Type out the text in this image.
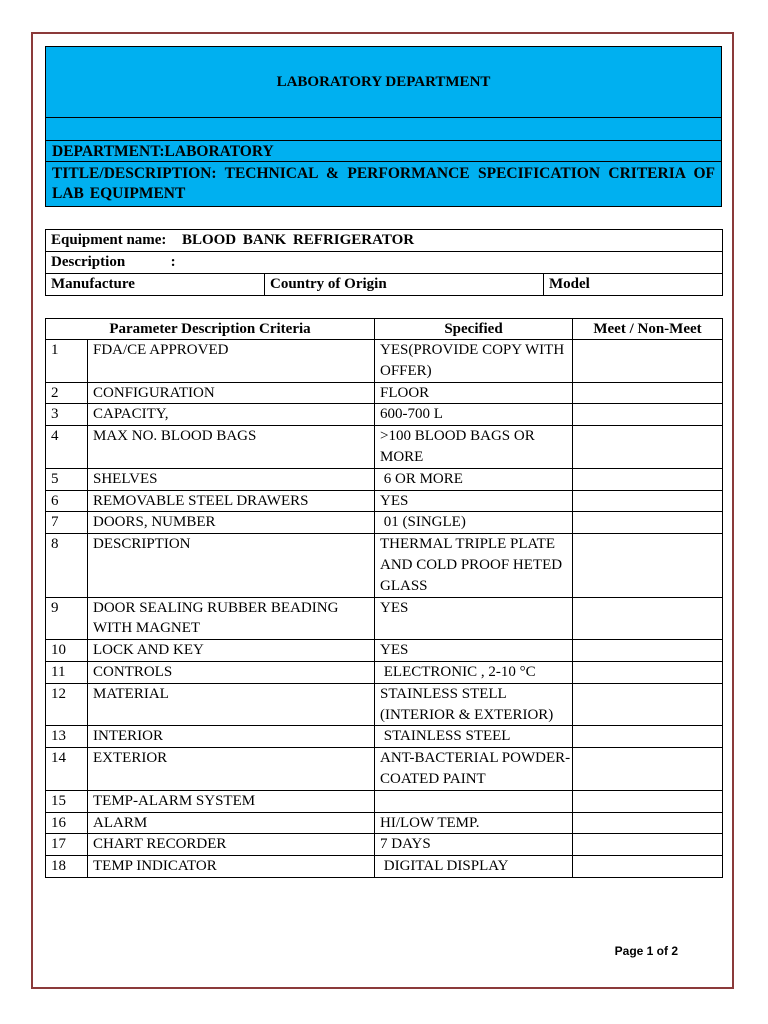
LABORATORY DEPARTMENT
DEPARTMENT:LABORATORY
TITLE/DESCRIPTION: TECHNICAL & PERFORMANCE SPECIFICATION CRITERIA OF LAB EQUIPMENT
Equipment name: BLOOD BANK REFRIGERATOR
Description	:
Manufacture	Country of Origin	Model
Parameter Description Criteria		Specified	Meet / Non-Meet
1	FDA/CE APPROVED	YES(PROVIDE COPY WITH OFFER)	
2	CONFIGURATION	FLOOR	
3	CAPACITY,	600-700 L	
4	MAX NO. BLOOD BAGS	>100 BLOOD BAGS OR MORE	
5	SHELVES	6 OR MORE	
6	REMOVABLE STEEL DRAWERS	YES	
7	DOORS, NUMBER	01 (SINGLE)	
8	DESCRIPTION	THERMAL TRIPLE PLATE AND COLD PROOF HETED GLASS	
9	DOOR SEALING RUBBER BEADING WITH MAGNET	YES	
10	LOCK AND KEY	YES	
11	CONTROLS	ELECTRONIC , 2-10 °C	
12	MATERIAL	STAINLESS STELL (INTERIOR & EXTERIOR)	
13	INTERIOR	STAINLESS STEEL	
14	EXTERIOR	ANT-BACTERIAL POWDER- COATED PAINT	
15	TEMP-ALARM SYSTEM		
16	ALARM	HI/LOW TEMP.	
17	CHART RECORDER	7 DAYS	
18	TEMP INDICATOR	DIGITAL DISPLAY	
Page 1 of 2
